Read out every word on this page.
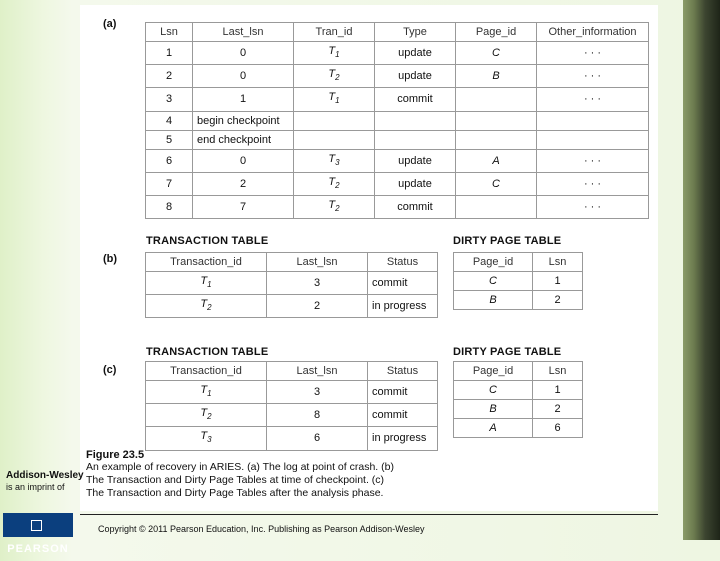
(a)
Lsn	Last_lsn	Tran_id	Type	Page_id	Other_information
1	0	$T_1$	update	C	· · ·
2	0	$T_2$	update	B	· · ·
3	1	$T_1$	commit		· · ·
4	begin checkpoint				
5	end checkpoint				
6	0	$T_3$	update	A	· · ·
7	2	$T_2$	update	C	· · ·
8	7	$T_2$	commit		· · ·
(b)
TRANSACTION TABLE	DIRTY PAGE TABLE
Transaction_id	Last_lsn	Status
$T_1$	3	commit
$T_2$	2	in progress
Page_id	Lsn
C	1
B	2
(c)
TRANSACTION TABLE	DIRTY PAGE TABLE
Transaction_id	Last_lsn	Status
$T_1$	3	commit
$T_2$	8	commit
$T_3$	6	in progress
Page_id	Lsn
C	1
B	2
A	6
Figure 23.5
An example of recovery in ARIES. (a) The log at point of crash. (b)
The Transaction and Dirty Page Tables at time of checkpoint. (c)
The Transaction and Dirty Page Tables after the analysis phase.
Copyright © 2011 Pearson Education, Inc. Publishing as Pearson Addison-Wesley
Addison-Wesley
is an imprint of
PEARSON
